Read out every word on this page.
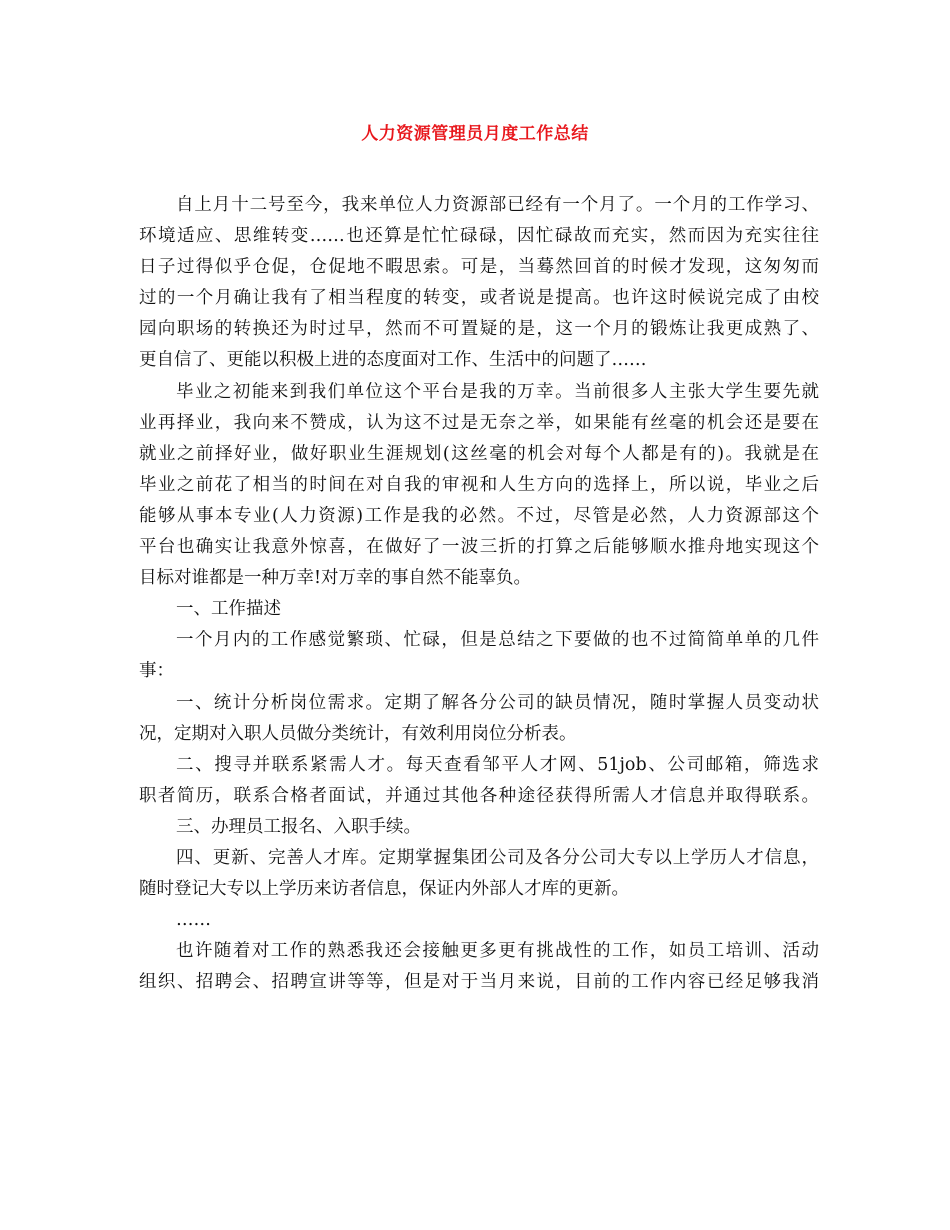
人力资源管理员月度工作总结
自上月十二号至今，我来单位人力资源部已经有一个月了。一个月的工作学习、
环境适应、思维转变……也还算是忙忙碌碌，因忙碌故而充实，然而因为充实往往
日子过得似乎仓促，仓促地不暇思索。可是，当蓦然回首的时候才发现，这匆匆而
过的一个月确让我有了相当程度的转变，或者说是提高。也许这时候说完成了由校
园向职场的转换还为时过早，然而不可置疑的是，这一个月的锻炼让我更成熟了、
更自信了、更能以积极上进的态度面对工作、生活中的问题了……
毕业之初能来到我们单位这个平台是我的万幸。当前很多人主张大学生要先就
业再择业，我向来不赞成，认为这不过是无奈之举，如果能有丝毫的机会还是要在
就业之前择好业，做好职业生涯规划(这丝毫的机会对每个人都是有的)。我就是在
毕业之前花了相当的时间在对自我的审视和人生方向的选择上，所以说，毕业之后
能够从事本专业(人力资源)工作是我的必然。不过，尽管是必然，人力资源部这个
平台也确实让我意外惊喜，在做好了一波三折的打算之后能够顺水推舟地实现这个
目标对谁都是一种万幸!对万幸的事自然不能辜负。
一、工作描述
一个月内的工作感觉繁琐、忙碌，但是总结之下要做的也不过简简单单的几件
事：
一、统计分析岗位需求。定期了解各分公司的缺员情况，随时掌握人员变动状
况，定期对入职人员做分类统计，有效利用岗位分析表。
二、搜寻并联系紧需人才。每天查看邹平人才网、51job、公司邮箱，筛选求
职者简历，联系合格者面试，并通过其他各种途径获得所需人才信息并取得联系。
三、办理员工报名、入职手续。
四、更新、完善人才库。定期掌握集团公司及各分公司大专以上学历人才信息，
随时登记大专以上学历来访者信息，保证内外部人才库的更新。
……
也许随着对工作的熟悉我还会接触更多更有挑战性的工作，如员工培训、活动
组织、招聘会、招聘宣讲等等，但是对于当月来说，目前的工作内容已经足够我消
